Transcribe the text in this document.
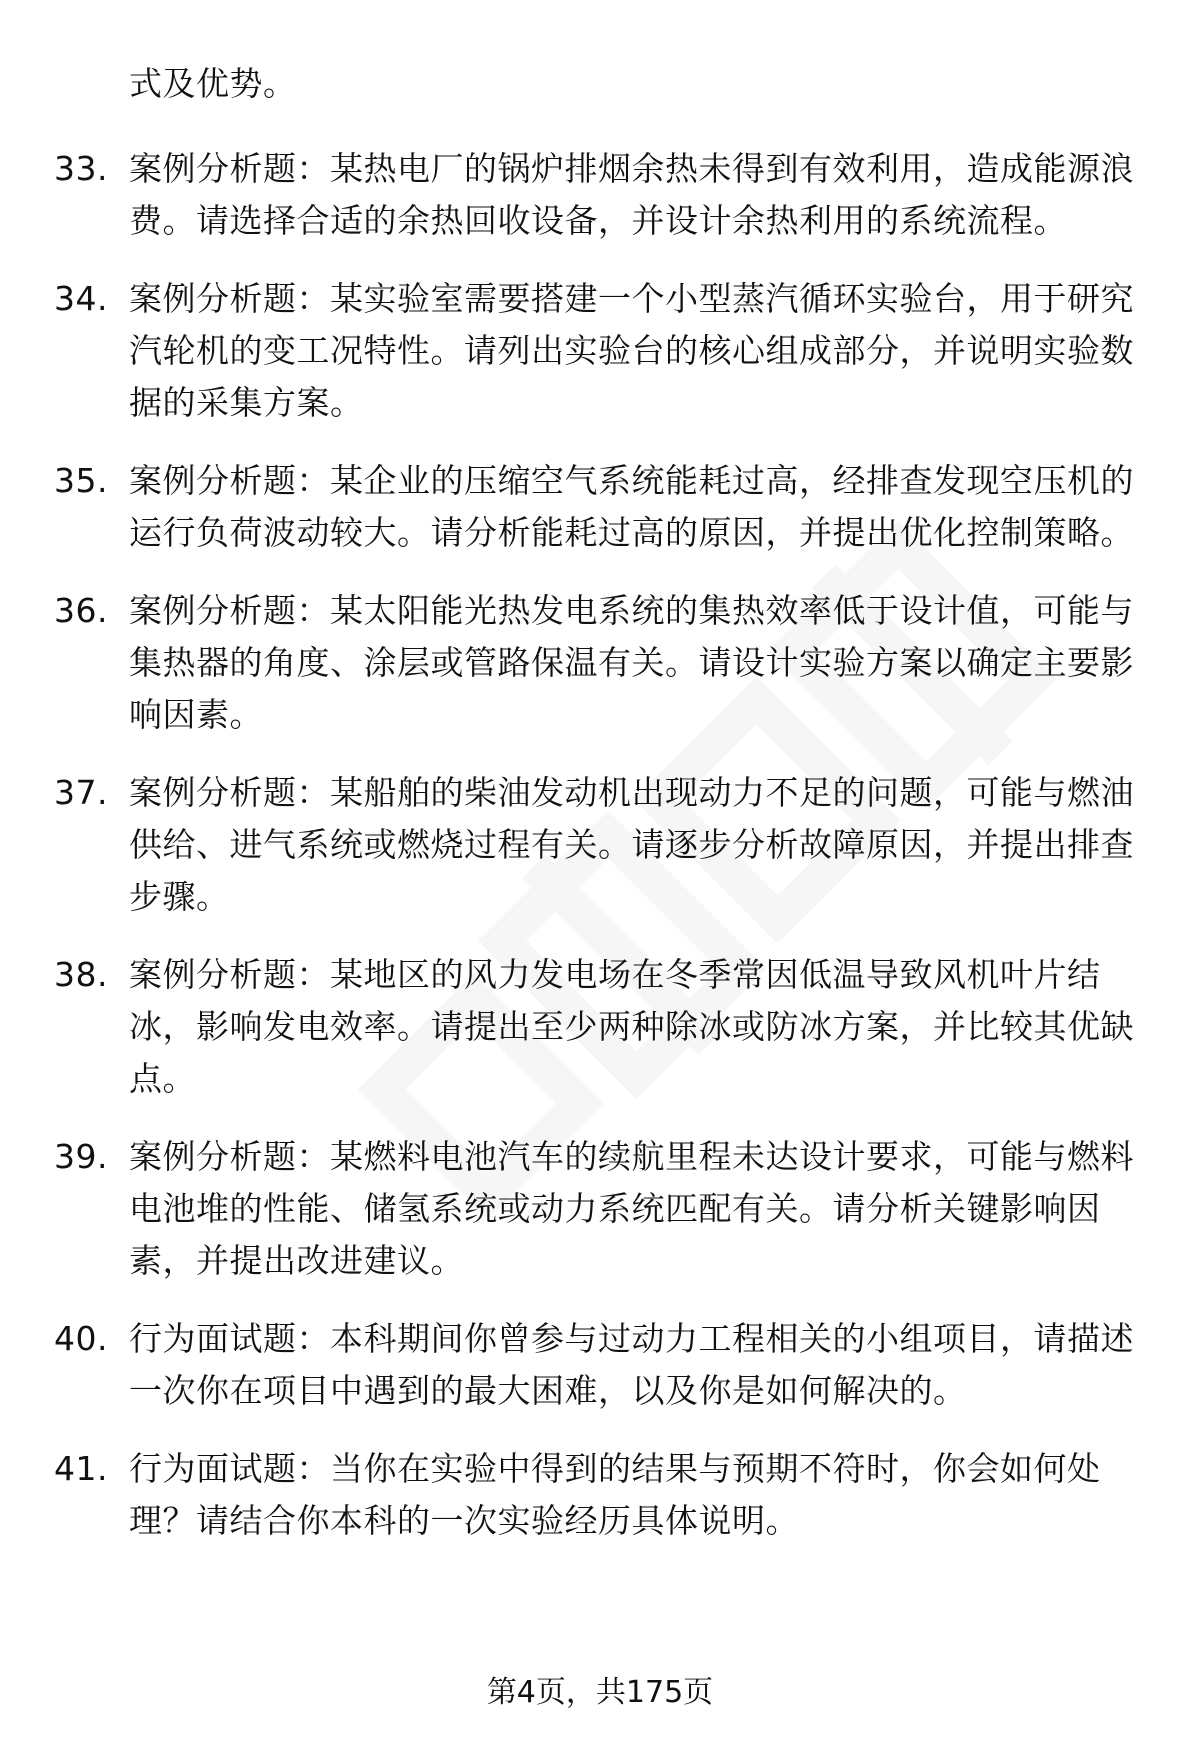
式及优势。
33. 案例分析题：某热电厂的锅炉排烟余热未得到有效利用，造成能源浪费。请选择合适的余热回收设备，并设计余热利用的系统流程。
34. 案例分析题：某实验室需要搭建一个小型蒸汽循环实验台，用于研究汽轮机的变工况特性。请列出实验台的核心组成部分，并说明实验数据的采集方案。
35. 案例分析题：某企业的压缩空气系统能耗过高，经排查发现空压机的运行负荷波动较大。请分析能耗过高的原因，并提出优化控制策略。
36. 案例分析题：某太阳能光热发电系统的集热效率低于设计值，可能与集热器的角度、涂层或管路保温有关。请设计实验方案以确定主要影响因素。
37. 案例分析题：某船舶的柴油发动机出现动力不足的问题，可能与燃油供给、进气系统或燃烧过程有关。请逐步分析故障原因，并提出排查步骤。
38. 案例分析题：某地区的风力发电场在冬季常因低温导致风机叶片结冰，影响发电效率。请提出至少两种除冰或防冰方案，并比较其优缺点。
39. 案例分析题：某燃料电池汽车的续航里程未达设计要求，可能与燃料电池堆的性能、储氢系统或动力系统匹配有关。请分析关键影响因素，并提出改进建议。
40. 行为面试题：本科期间你曾参与过动力工程相关的小组项目，请描述一次你在项目中遇到的最大困难，以及你是如何解决的。
41. 行为面试题：当你在实验中得到的结果与预期不符时，你会如何处理？请结合你本科的一次实验经历具体说明。
第4页，共175页
